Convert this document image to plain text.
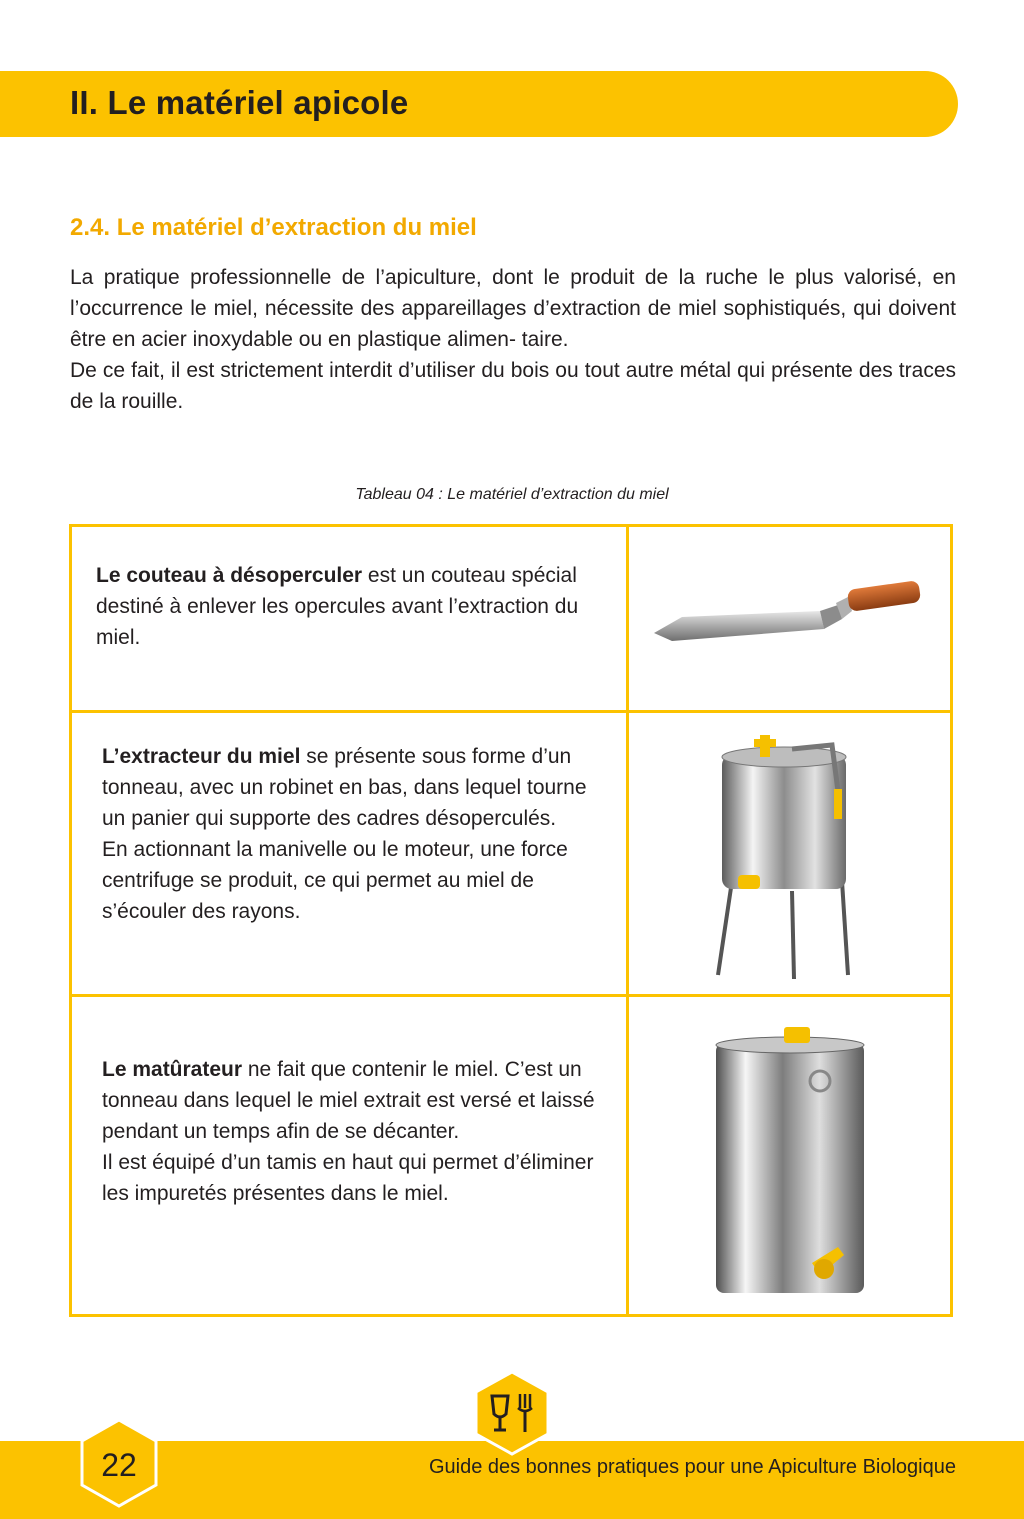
II. Le matériel apicole
2.4. Le matériel d’extraction du miel

La pratique professionnelle de l’apiculture, dont le produit de la ruche le plus valorisé, en l’occurrence le miel, nécessite des appareillages d’extraction de miel sophistiqués, qui doivent être en acier inoxydable ou en plastique alimen- taire.

De ce fait, il est strictement interdit d’utiliser du bois ou tout autre métal qui présente des traces de la rouille.

Tableau 04 : Le matériel d’extraction du miel

Le couteau à désoperculer est un couteau spécial destiné à enlever les opercules avant l’extraction du miel.

L’extracteur du miel se présente sous forme d’un tonneau, avec un robinet en bas, dans lequel tourne un panier qui supporte des cadres désoperculés.

En actionnant la manivelle ou le moteur, une force centrifuge se produit, ce qui permet au miel de s’écouler des rayons.

Le matûrateur ne fait que contenir le miel. C’est un tonneau dans lequel le miel extrait est versé et laissé pendant un temps afin de se décanter.

Il est équipé d’un tamis en haut qui permet d’éliminer les impuretés présentes dans le miel.

Guide des bonnes pratiques pour une Apiculture Biologique
22
